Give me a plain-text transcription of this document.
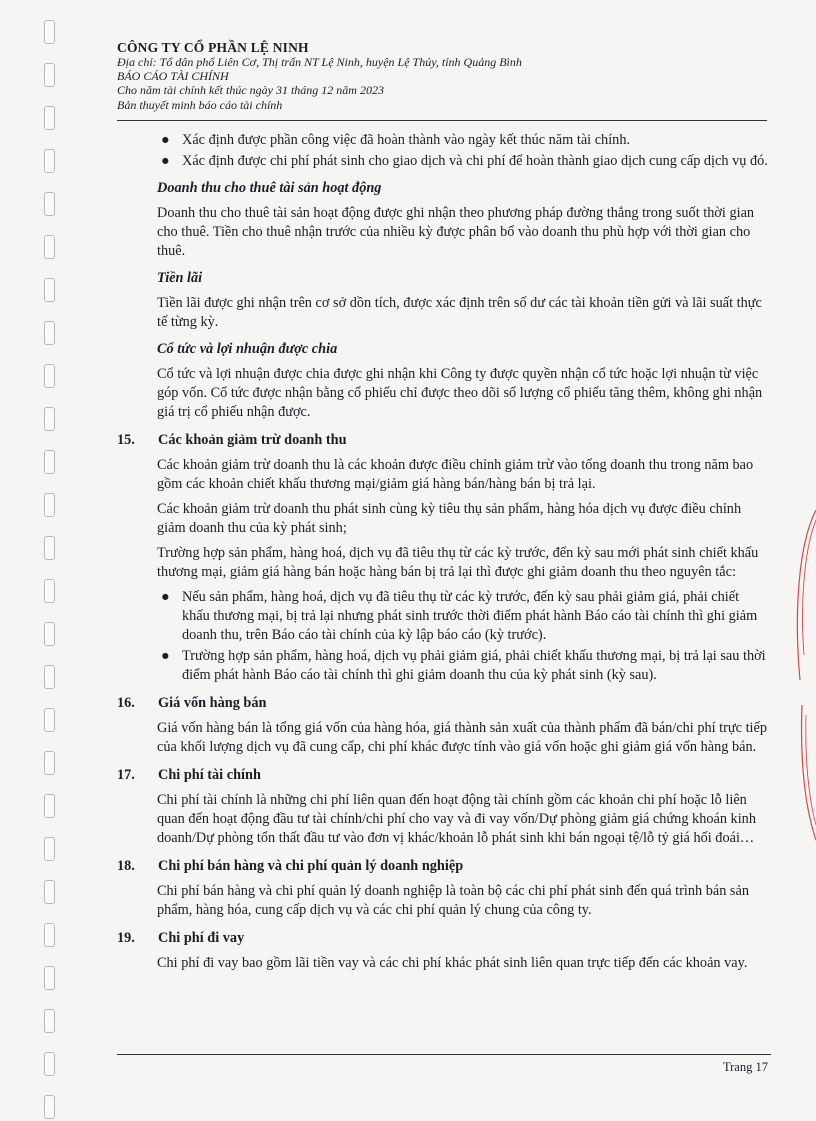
CÔNG TY CỔ PHẦN LỆ NINH
Địa chỉ: Tổ dân phố Liên Cơ, Thị trấn NT Lệ Ninh, huyện Lệ Thủy, tỉnh Quảng Bình
BÁO CÁO TÀI CHÍNH
Cho năm tài chính kết thúc ngày 31 tháng 12 năm 2023
Bản thuyết minh báo cáo tài chính
● Xác định được phần công việc đã hoàn thành vào ngày kết thúc năm tài chính.
● Xác định được chi phí phát sinh cho giao dịch và chi phí để hoàn thành giao dịch cung cấp dịch vụ đó.
Doanh thu cho thuê tài sản hoạt động
Doanh thu cho thuê tài sản hoạt động được ghi nhận theo phương pháp đường thẳng trong suốt thời gian cho thuê. Tiền cho thuê nhận trước của nhiều kỳ được phân bổ vào doanh thu phù hợp với thời gian cho thuê.
Tiền lãi
Tiền lãi được ghi nhận trên cơ sở dồn tích, được xác định trên số dư các tài khoản tiền gửi và lãi suất thực tế từng kỳ.
Cổ tức và lợi nhuận được chia
Cổ tức và lợi nhuận được chia được ghi nhận khi Công ty được quyền nhận cổ tức hoặc lợi nhuận từ việc góp vốn. Cổ tức được nhận bằng cổ phiếu chỉ được theo dõi số lượng cổ phiếu tăng thêm, không ghi nhận giá trị cổ phiếu nhận được.
15. Các khoản giảm trừ doanh thu
Các khoản giảm trừ doanh thu là các khoản được điều chỉnh giảm trừ vào tổng doanh thu trong năm bao gồm các khoản chiết khấu thương mại/giảm giá hàng bán/hàng bán bị trả lại.
Các khoản giảm trừ doanh thu phát sinh cùng kỳ tiêu thụ sản phẩm, hàng hóa dịch vụ được điều chỉnh giảm doanh thu của kỳ phát sinh;
Trường hợp sản phẩm, hàng hoá, dịch vụ đã tiêu thụ từ các kỳ trước, đến kỳ sau mới phát sinh chiết khấu thương mại, giảm giá hàng bán hoặc hàng bán bị trả lại thì được ghi giảm doanh thu theo nguyên tắc:
● Nếu sản phẩm, hàng hoá, dịch vụ đã tiêu thụ từ các kỳ trước, đến kỳ sau phải giảm giá, phải chiết khấu thương mại, bị trả lại nhưng phát sinh trước thời điểm phát hành Báo cáo tài chính thì ghi giảm doanh thu, trên Báo cáo tài chính của kỳ lập báo cáo (kỳ trước).
● Trường hợp sản phẩm, hàng hoá, dịch vụ phải giảm giá, phải chiết khấu thương mại, bị trả lại sau thời điểm phát hành Báo cáo tài chính thì ghi giảm doanh thu của kỳ phát sinh (kỳ sau).
16. Giá vốn hàng bán
Giá vốn hàng bán là tổng giá vốn của hàng hóa, giá thành sản xuất của thành phẩm đã bán/chi phí trực tiếp của khối lượng dịch vụ đã cung cấp, chi phí khác được tính vào giá vốn hoặc ghi giảm giá vốn hàng bán.
17. Chi phí tài chính
Chi phí tài chính là những chi phí liên quan đến hoạt động tài chính gồm các khoản chi phí hoặc lỗ liên quan đến hoạt động đầu tư tài chính/chi phí cho vay và đi vay vốn/Dự phòng giảm giá chứng khoán kinh doanh/Dự phòng tổn thất đầu tư vào đơn vị khác/khoản lỗ phát sinh khi bán ngoại tệ/lỗ tỷ giá hối đoái…
18. Chi phí bán hàng và chi phí quản lý doanh nghiệp
Chi phí bán hàng và chi phí quản lý doanh nghiệp là toàn bộ các chi phí phát sinh đến quá trình bán sản phẩm, hàng hóa, cung cấp dịch vụ và các chi phí quản lý chung của công ty.
19. Chi phí đi vay
Chi phí đi vay bao gồm lãi tiền vay và các chi phí khác phát sinh liên quan trực tiếp đến các khoản vay.
Trang 17
